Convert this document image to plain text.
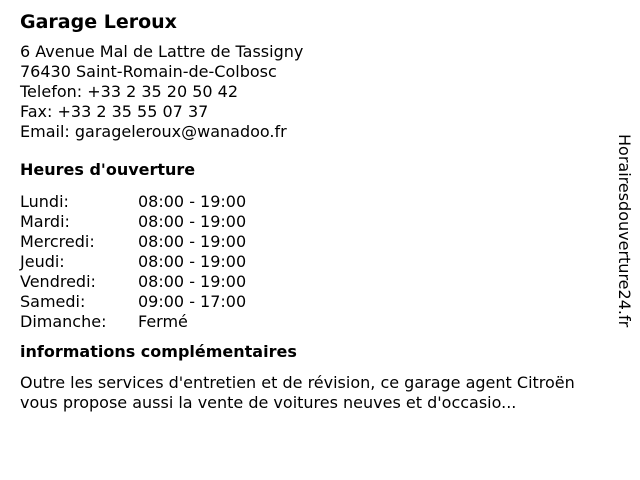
Garage Leroux
6 Avenue Mal de Lattre de Tassigny
76430 Saint-Romain-de-Colbosc
Telefon: +33 2 35 20 50 42
Fax: +33 2 35 55 07 37
Email: garageleroux@wanadoo.fr
Heures d'ouverture
Lundi:	08:00 - 19:00
Mardi:	08:00 - 19:00
Mercredi:	08:00 - 19:00
Jeudi:	08:00 - 19:00
Vendredi:	08:00 - 19:00
Samedi:	09:00 - 17:00
Dimanche:	Fermé
informations complémentaires
Outre les services d'entretien et de révision, ce garage agent Citroën vous propose aussi la vente de voitures neuves et d'occasio...
Horairesdouverture24.fr
